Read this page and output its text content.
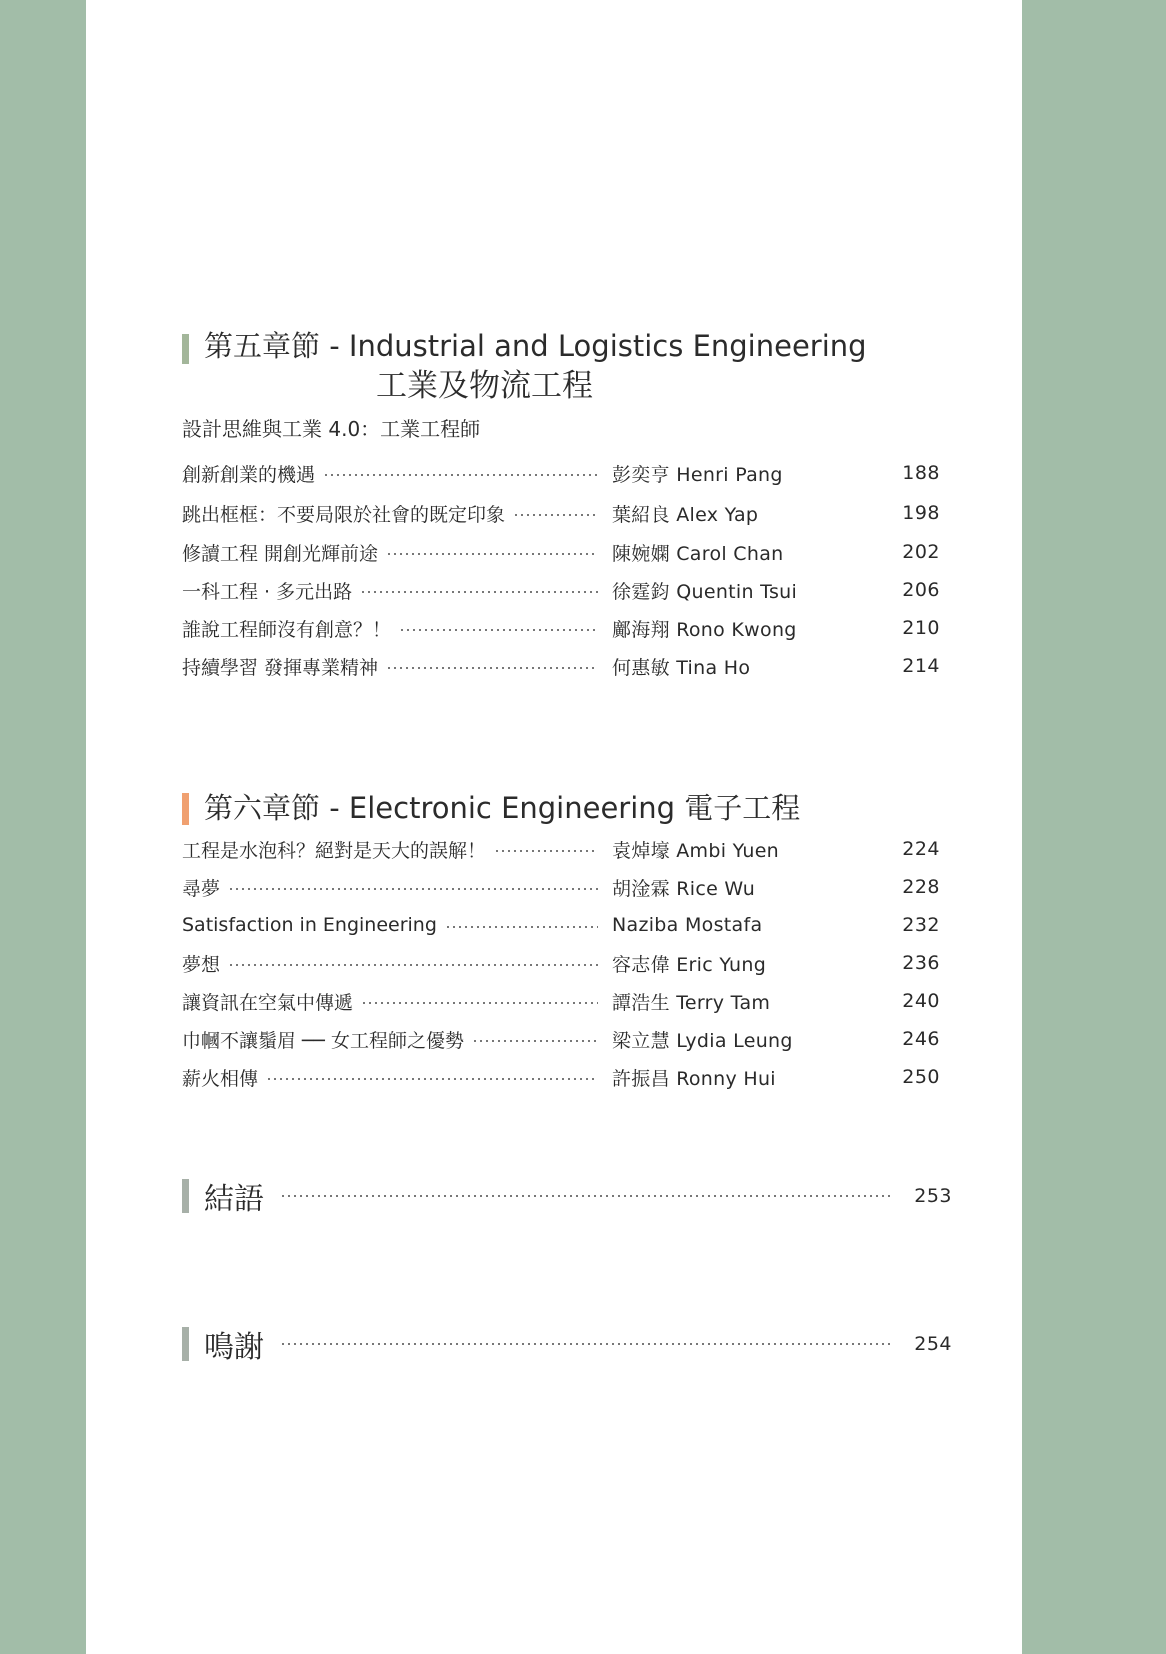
第五章節 - Industrial and Logistics Engineering
工業及物流工程
設計思維與工業 4.0：工業工程師
創新創業的機遇	彭奕亨 Henri Pang	188
跳出框框：不要局限於社會的既定印象	葉紹良 Alex Yap	198
修讀工程 開創光輝前途	陳婉嫻 Carol Chan	202
一科工程 ‧ 多元出路	徐霆鈞 Quentin Tsui	206
誰說工程師沒有創意？！	鄺海翔 Rono Kwong	210
持續學習 發揮專業精神	何惠敏 Tina Ho	214
第六章節 - Electronic Engineering 電子工程
工程是水泡科？絕對是天大的誤解！	袁焯壕 Ambi Yuen	224
尋夢	胡淦霖 Rice Wu	228
Satisfaction in Engineering	Naziba Mostafa	232
夢想	容志偉 Eric Yung	236
讓資訊在空氣中傳遞	譚浩生 Terry Tam	240
巾幗不讓鬚眉 ── 女工程師之優勢	梁立慧 Lydia Leung	246
薪火相傳	許振昌 Ronny Hui	250
結語	253
鳴謝	254
